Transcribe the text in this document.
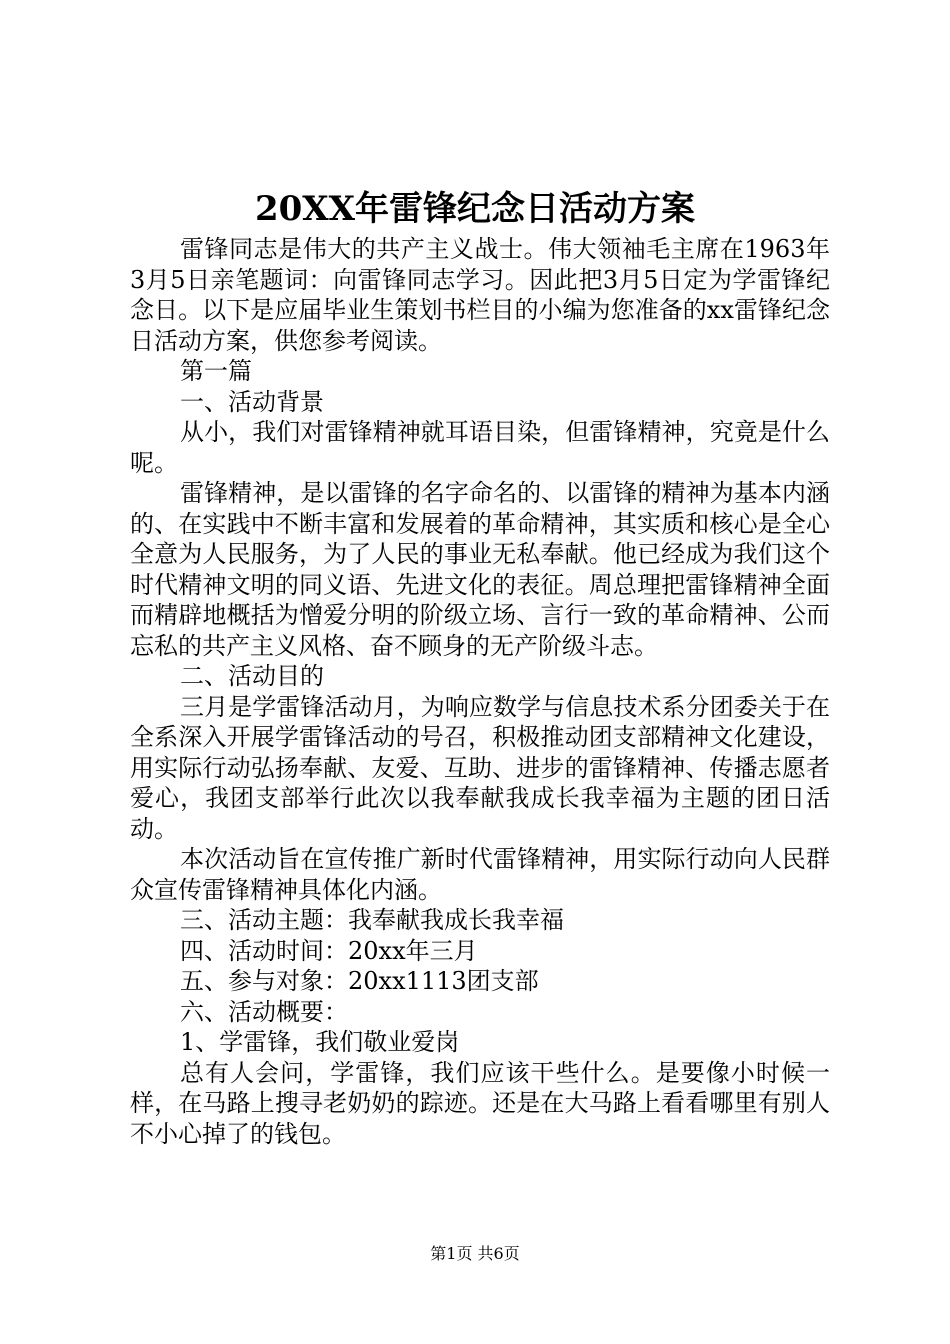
20XX年雷锋纪念日活动方案

雷锋同志是伟大的共产主义战士。伟大领袖毛主席在1963年3月5日亲笔题词：向雷锋同志学习。因此把3月5日定为学雷锋纪念日。以下是应届毕业生策划书栏目的小编为您准备的xx雷锋纪念日活动方案，供您参考阅读。

第一篇

一、活动背景

从小，我们对雷锋精神就耳语目染，但雷锋精神，究竟是什么呢。

雷锋精神，是以雷锋的名字命名的、以雷锋的精神为基本内涵的、在实践中不断丰富和发展着的革命精神，其实质和核心是全心全意为人民服务，为了人民的事业无私奉献。他已经成为我们这个时代精神文明的同义语、先进文化的表征。周总理把雷锋精神全面而精辟地概括为憎爱分明的阶级立场、言行一致的革命精神、公而忘私的共产主义风格、奋不顾身的无产阶级斗志。

二、活动目的

三月是学雷锋活动月，为响应数学与信息技术系分团委关于在全系深入开展学雷锋活动的号召，积极推动团支部精神文化建设，用实际行动弘扬奉献、友爱、互助、进步的雷锋精神、传播志愿者爱心，我团支部举行此次以我奉献我成长我幸福为主题的团日活动。

本次活动旨在宣传推广新时代雷锋精神，用实际行动向人民群众宣传雷锋精神具体化内涵。

三、活动主题：我奉献我成长我幸福

四、活动时间：20xx年三月

五、参与对象：20xx1113团支部

六、活动概要：

1、学雷锋，我们敬业爱岗

总有人会问，学雷锋，我们应该干些什么。是要像小时候一样，在马路上搜寻老奶奶的踪迹。还是在大马路上看看哪里有别人不小心掉了的钱包。

第1页 共6页
